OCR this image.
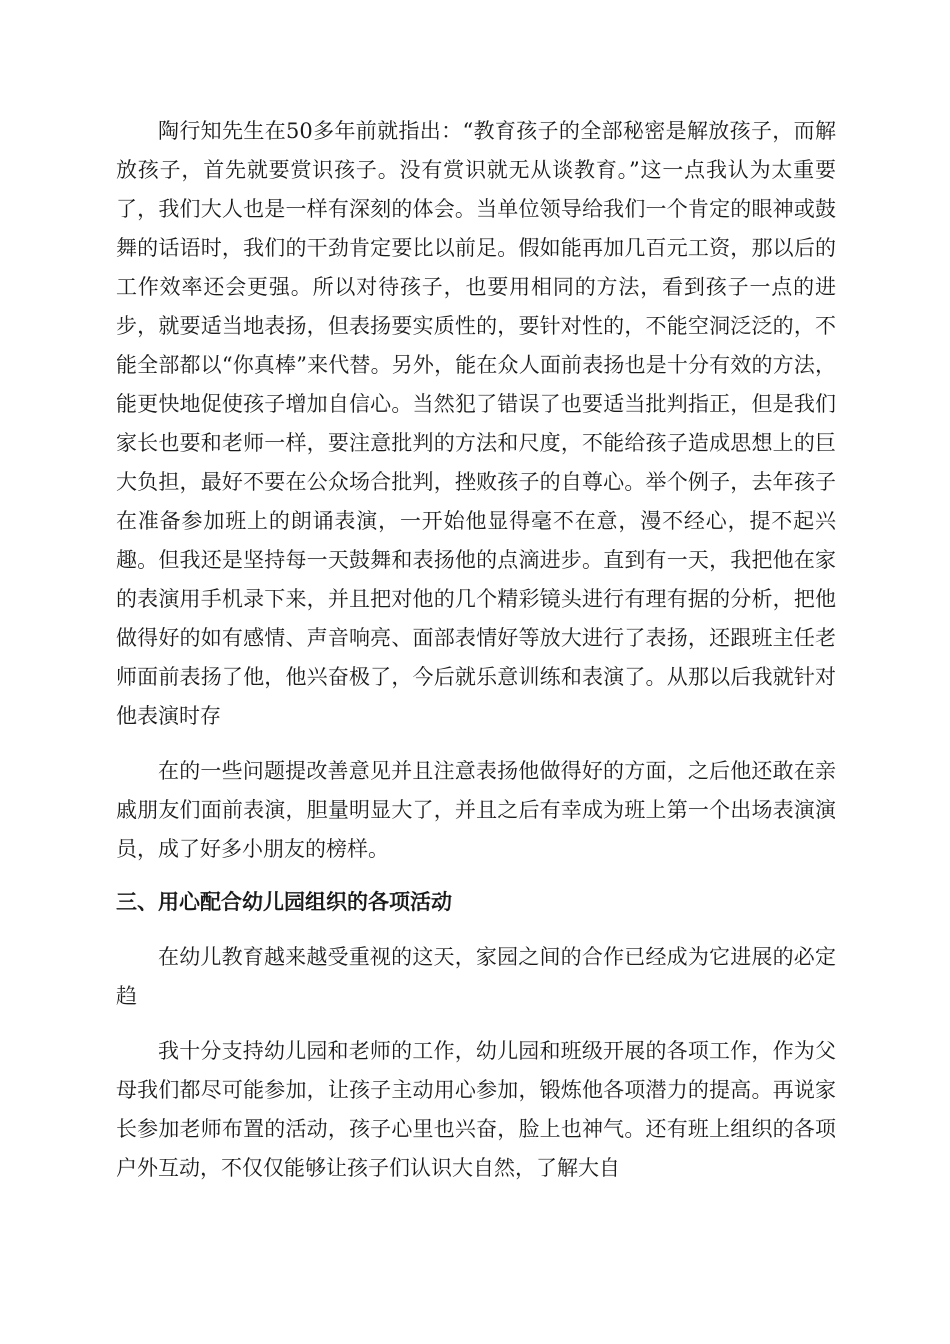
陶行知先生在50多年前就指出：“教育孩子的全部秘密是解放孩子，而解放孩子，首先就要赏识孩子。没有赏识就无从谈教育。”这一点我认为太重要了，我们大人也是一样有深刻的体会。当单位领导给我们一个肯定的眼神或鼓舞的话语时，我们的干劲肯定要比以前足。假如能再加几百元工资，那以后的工作效率还会更强。所以对待孩子，也要用相同的方法，看到孩子一点的进步，就要适当地表扬，但表扬要实质性的，要针对性的，不能空洞泛泛的，不能全部都以“你真棒”来代替。另外，能在众人面前表扬也是十分有效的方法，能更快地促使孩子增加自信心。当然犯了错误了也要适当批判指正，但是我们家长也要和老师一样，要注意批判的方法和尺度，不能给孩子造成思想上的巨大负担，最好不要在公众场合批判，挫败孩子的自尊心。举个例子，去年孩子在准备参加班上的朗诵表演，一开始他显得毫不在意，漫不经心，提不起兴趣。但我还是坚持每一天鼓舞和表扬他的点滴进步。直到有一天，我把他在家的表演用手机录下来，并且把对他的几个精彩镜头进行有理有据的分析，把他做得好的如有感情、声音响亮、面部表情好等放大进行了表扬，还跟班主任老师面前表扬了他，他兴奋极了，今后就乐意训练和表演了。从那以后我就针对他表演时存

在的一些问题提改善意见并且注意表扬他做得好的方面，之后他还敢在亲戚朋友们面前表演，胆量明显大了，并且之后有幸成为班上第一个出场表演演员，成了好多小朋友的榜样。

三、用心配合幼儿园组织的各项活动

在幼儿教育越来越受重视的这天，家园之间的合作已经成为它进展的必定趋

我十分支持幼儿园和老师的工作，幼儿园和班级开展的各项工作，作为父母我们都尽可能参加，让孩子主动用心参加，锻炼他各项潜力的提高。再说家长参加老师布置的活动，孩子心里也兴奋，脸上也神气。还有班上组织的各项户外互动，不仅仅能够让孩子们认识大自然，了解大自
